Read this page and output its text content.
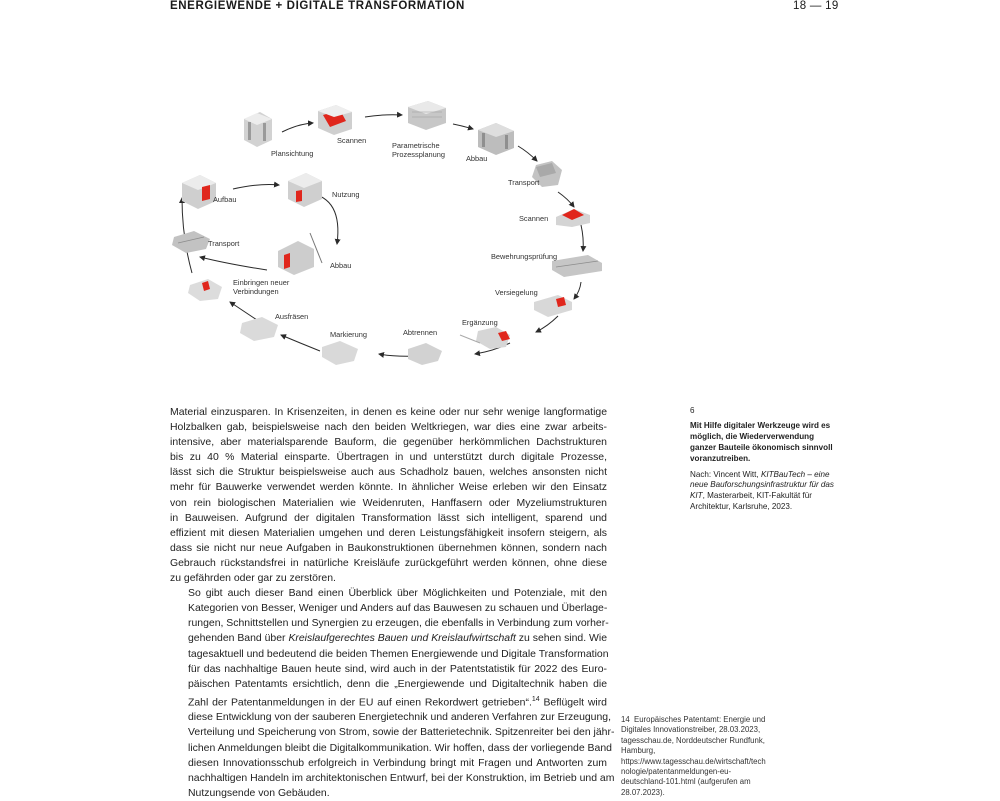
ENERGIEWENDE + DIGITALE TRANSFORMATION	18 — 19
Plansichtung
Scannen
Parametrische
Prozessplanung	Abbau
Transport
Scannen
Bewehrungsprüfung
Versiegelung
Ergänzung
Abtrennen
Markierung
Ausfräsen
Einbringen neuer
Verbindungen
Abbau
Transport
Aufbau
Nutzung

Material einzusparen. In Krisenzeiten, in denen es keine oder nur sehr wenige langformatige
Holzbalken gab, beispielsweise nach den beiden Weltkriegen, war dies eine zwar arbeits-
intensive, aber materialsparende Bauform, die gegenüber herkömmlichen Dachstrukturen
bis zu 40 % Material einsparte. Übertragen in und unterstützt durch digitale Prozesse,
lässt sich die Struktur beispielsweise auch aus Schadholz bauen, welches ansonsten nicht
mehr für Bauwerke verwendet werden könnte. In ähnlicher Weise erleben wir den Einsatz
von rein biologischen Materialien wie Weidenruten, Hanffasern oder Myzeliumstrukturen
in Bauweisen. Aufgrund der digitalen Transformation lässt sich intelligent, sparend und
effizient mit diesen Materialien umgehen und deren Leistungsfähigkeit insofern steigern, als
dass sie nicht nur neue Aufgaben in Baukonstruktionen übernehmen können, sondern nach
Gebrauch rückstandsfrei in natürliche Kreisläufe zurückgeführt werden können, ohne diese
zu gefährden oder gar zu zerstören.

So gibt auch dieser Band einen Überblick über Möglichkeiten und Potenziale, mit den
Kategorien von Besser, Weniger und Anders auf das Bauwesen zu schauen und Überlage-
rungen, Schnittstellen und Synergien zu erzeugen, die ebenfalls in Verbindung zum vorher-
gehenden Band über Kreislaufgerechtes Bauen und Kreislaufwirtschaft zu sehen sind. Wie
tagesaktuell und bedeutend die beiden Themen Energiewende und Digitale Transformation
für das nachhaltige Bauen heute sind, wird auch in der Patentstatistik für 2022 des Euro-
päischen Patentamts ersichtlich, denn die „Energiewende und Digitaltechnik haben die
Zahl der Patentanmeldungen in der EU auf einen Rekordwert getrieben“.$^{14}$ Beflügelt wird
diese Entwicklung von der sauberen Energietechnik und anderen Verfahren zur Erzeugung,
Verteilung und Speicherung von Strom, sowie der Batterietechnik. Spitzenreiter bei den jähr-
lichen Anmeldungen bleibt die Digitalkommunikation. Wir hoffen, dass der vorliegende Band
diesen Innovationsschub erfolgreich in Verbindung bringt mit Fragen und Antworten zum
nachhaltigen Handeln im architektonischen Entwurf, bei der Konstruktion, im Betrieb und am
Nutzungsende von Gebäuden.

6
Mit Hilfe digitaler Werkzeuge wird es möglich, die Wiederverwendung ganzer Bauteile ökonomisch sinnvoll voranzutreiben.
Nach: Vincent Witt, KITBauTech – eine neue Bauforschungsinfrastruktur für das KIT, Masterarbeit, KIT-Fakultät für Architektur, Karlsruhe, 2023.
14 Europäisches Patentamt: Energie und Digitales Innovationstreiber, 28.03.2023, tagesschau.de, Norddeutscher Rundfunk, Hamburg, https://www.tagesschau.de/wirtschaft/technologie/patentanmeldungen-eu-deutschland-101.html (aufgerufen am 28.07.2023).
